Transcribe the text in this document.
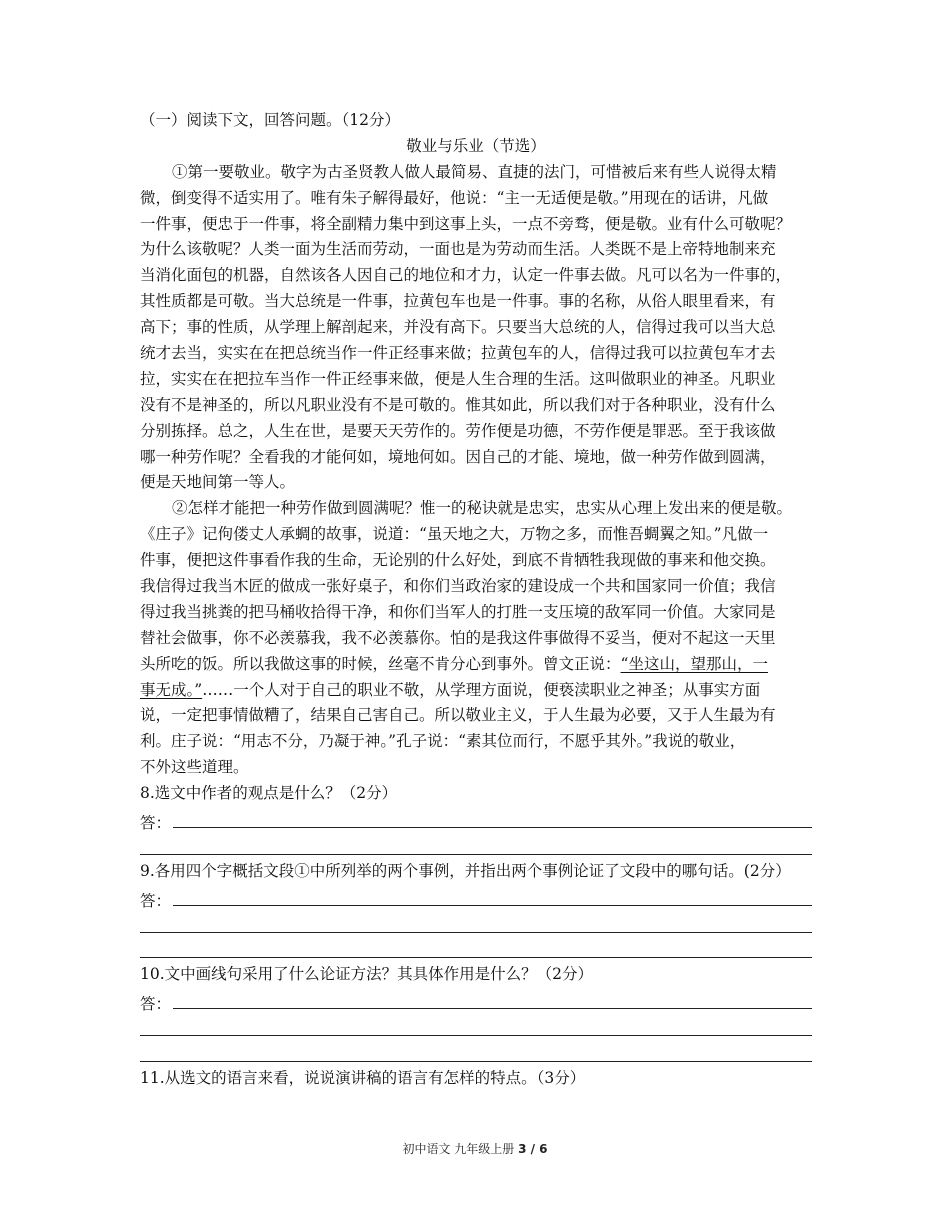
（一）阅读下文，回答问题。（12分）
敬业与乐业（节选）
①第一要敬业。敬字为古圣贤教人做人最简易、直捷的法门，可惜被后来有些人说得太精
微，倒变得不适实用了。唯有朱子解得最好，他说：“主一无适便是敬。”用现在的话讲，凡做
一件事，便忠于一件事，将全副精力集中到这事上头，一点不旁骛，便是敬。业有什么可敬呢？
为什么该敬呢？人类一面为生活而劳动，一面也是为劳动而生活。人类既不是上帝特地制来充
当消化面包的机器，自然该各人因自己的地位和才力，认定一件事去做。凡可以名为一件事的，
其性质都是可敬。当大总统是一件事，拉黄包车也是一件事。事的名称，从俗人眼里看来，有
高下；事的性质，从学理上解剖起来，并没有高下。只要当大总统的人，信得过我可以当大总
统才去当，实实在在把总统当作一件正经事来做；拉黄包车的人，信得过我可以拉黄包车才去
拉，实实在在把拉车当作一件正经事来做，便是人生合理的生活。这叫做职业的神圣。凡职业
没有不是神圣的，所以凡职业没有不是可敬的。惟其如此，所以我们对于各种职业，没有什么
分别拣择。总之，人生在世，是要天天劳作的。劳作便是功德，不劳作便是罪恶。至于我该做
哪一种劳作呢？全看我的才能何如，境地何如。因自己的才能、境地，做一种劳作做到圆满，
便是天地间第一等人。
②怎样才能把一种劳作做到圆满呢？惟一的秘诀就是忠实，忠实从心理上发出来的便是敬。
《庄子》记佝偻丈人承蜩的故事，说道：“虽天地之大，万物之多，而惟吾蜩翼之知。”凡做一
件事，便把这件事看作我的生命，无论别的什么好处，到底不肯牺牲我现做的事来和他交换。
我信得过我当木匠的做成一张好桌子，和你们当政治家的建设成一个共和国家同一价值；我信
得过我当挑粪的把马桶收拾得干净，和你们当军人的打胜一支压境的敌军同一价值。大家同是
替社会做事，你不必羡慕我，我不必羡慕你。怕的是我这件事做得不妥当，便对不起这一天里
头所吃的饭。所以我做这事的时候，丝毫不肯分心到事外。曾文正说：“坐这山，望那山，一
事无成。”……一个人对于自己的职业不敬，从学理方面说，便亵渎职业之神圣；从事实方面
说，一定把事情做糟了，结果自己害自己。所以敬业主义，于人生最为必要，又于人生最为有
利。庄子说：“用志不分，乃凝于神。”孔子说：“素其位而行，不愿乎其外。”我说的敬业，
不外这些道理。
8.选文中作者的观点是什么？（2分）
答：
9.各用四个字概括文段①中所列举的两个事例，并指出两个事例论证了文段中的哪句话。(2分）
答：
10.文中画线句采用了什么论证方法？其具体作用是什么？（2分）
答：
11.从选文的语言来看，说说演讲稿的语言有怎样的特点。（3分）
初中语文 九年级上册 3 / 6
